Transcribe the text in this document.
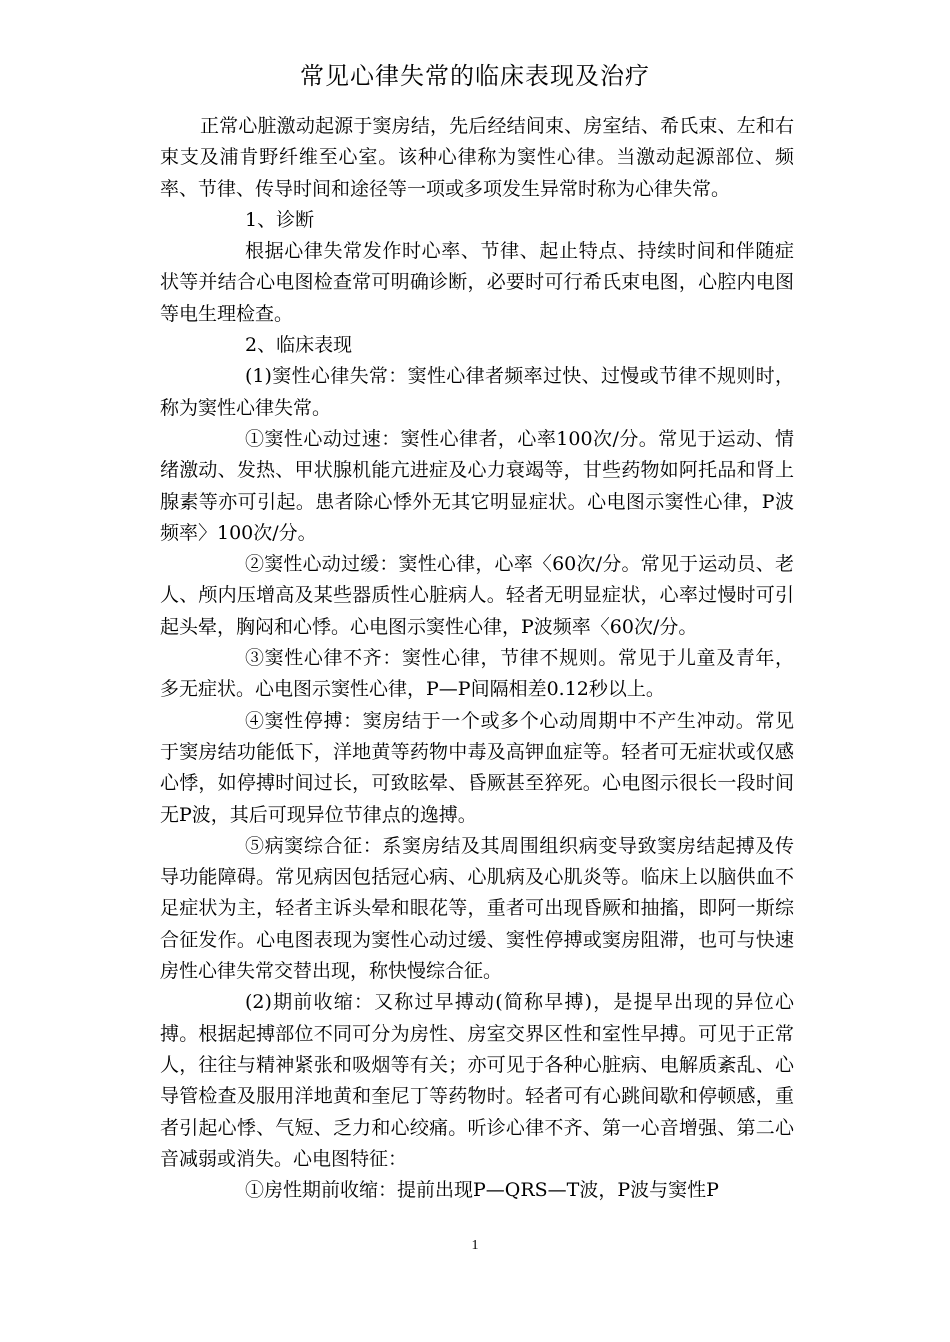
常见心律失常的临床表现及治疗

正常心脏激动起源于窦房结，先后经结间束、房室结、希氏束、左和右束支及浦肯野纤维至心室。该种心律称为窦性心律。当激动起源部位、频率、节律、传导时间和途径等一项或多项发生异常时称为心律失常。

1、诊断

根据心律失常发作时心率、节律、起止特点、持续时间和伴随症状等并结合心电图检查常可明确诊断，必要时可行希氏束电图，心腔内电图等电生理检查。

2、临床表现

(1)窦性心律失常：窦性心律者频率过快、过慢或节律不规则时，称为窦性心律失常。

①窦性心动过速：窦性心律者，心率100次/分。常见于运动、情绪激动、发热、甲状腺机能亢进症及心力衰竭等，甘些药物如阿托品和肾上腺素等亦可引起。患者除心悸外无其它明显症状。心电图示窦性心律，P波频率〉100次/分。

②窦性心动过缓：窦性心律，心率〈60次/分。常见于运动员、老人、颅内压增高及某些器质性心脏病人。轻者无明显症状，心率过慢时可引起头晕，胸闷和心悸。心电图示窦性心律，P波频率〈60次/分。

③窦性心律不齐：窦性心律，节律不规则。常见于儿童及青年，多无症状。心电图示窦性心律，P—P间隔相差0.12秒以上。

④窦性停搏：窦房结于一个或多个心动周期中不产生冲动。常见于窦房结功能低下，洋地黄等药物中毒及高钾血症等。轻者可无症状或仅感心悸，如停搏时间过长，可致眩晕、昏厥甚至猝死。心电图示很长一段时间无P波，其后可现异位节律点的逸搏。

⑤病窦综合征：系窦房结及其周围组织病变导致窦房结起搏及传导功能障碍。常见病因包括冠心病、心肌病及心肌炎等。临床上以脑供血不足症状为主，轻者主诉头晕和眼花等，重者可出现昏厥和抽搐，即阿一斯综合征发作。心电图表现为窦性心动过缓、窦性停搏或窦房阻滞，也可与快速房性心律失常交替出现，称快慢综合征。

(2)期前收缩：又称过早搏动(简称早搏)，是提早出现的异位心搏。根据起搏部位不同可分为房性、房室交界区性和室性早搏。可见于正常人，往往与精神紧张和吸烟等有关；亦可见于各种心脏病、电解质紊乱、心导管检查及服用洋地黄和奎尼丁等药物时。轻者可有心跳间歇和停顿感，重者引起心悸、气短、乏力和心绞痛。听诊心律不齐、第一心音增强、第二心音减弱或消失。心电图特征：

①房性期前收缩：提前出现P—QRS—T波，P波与窦性P

1
